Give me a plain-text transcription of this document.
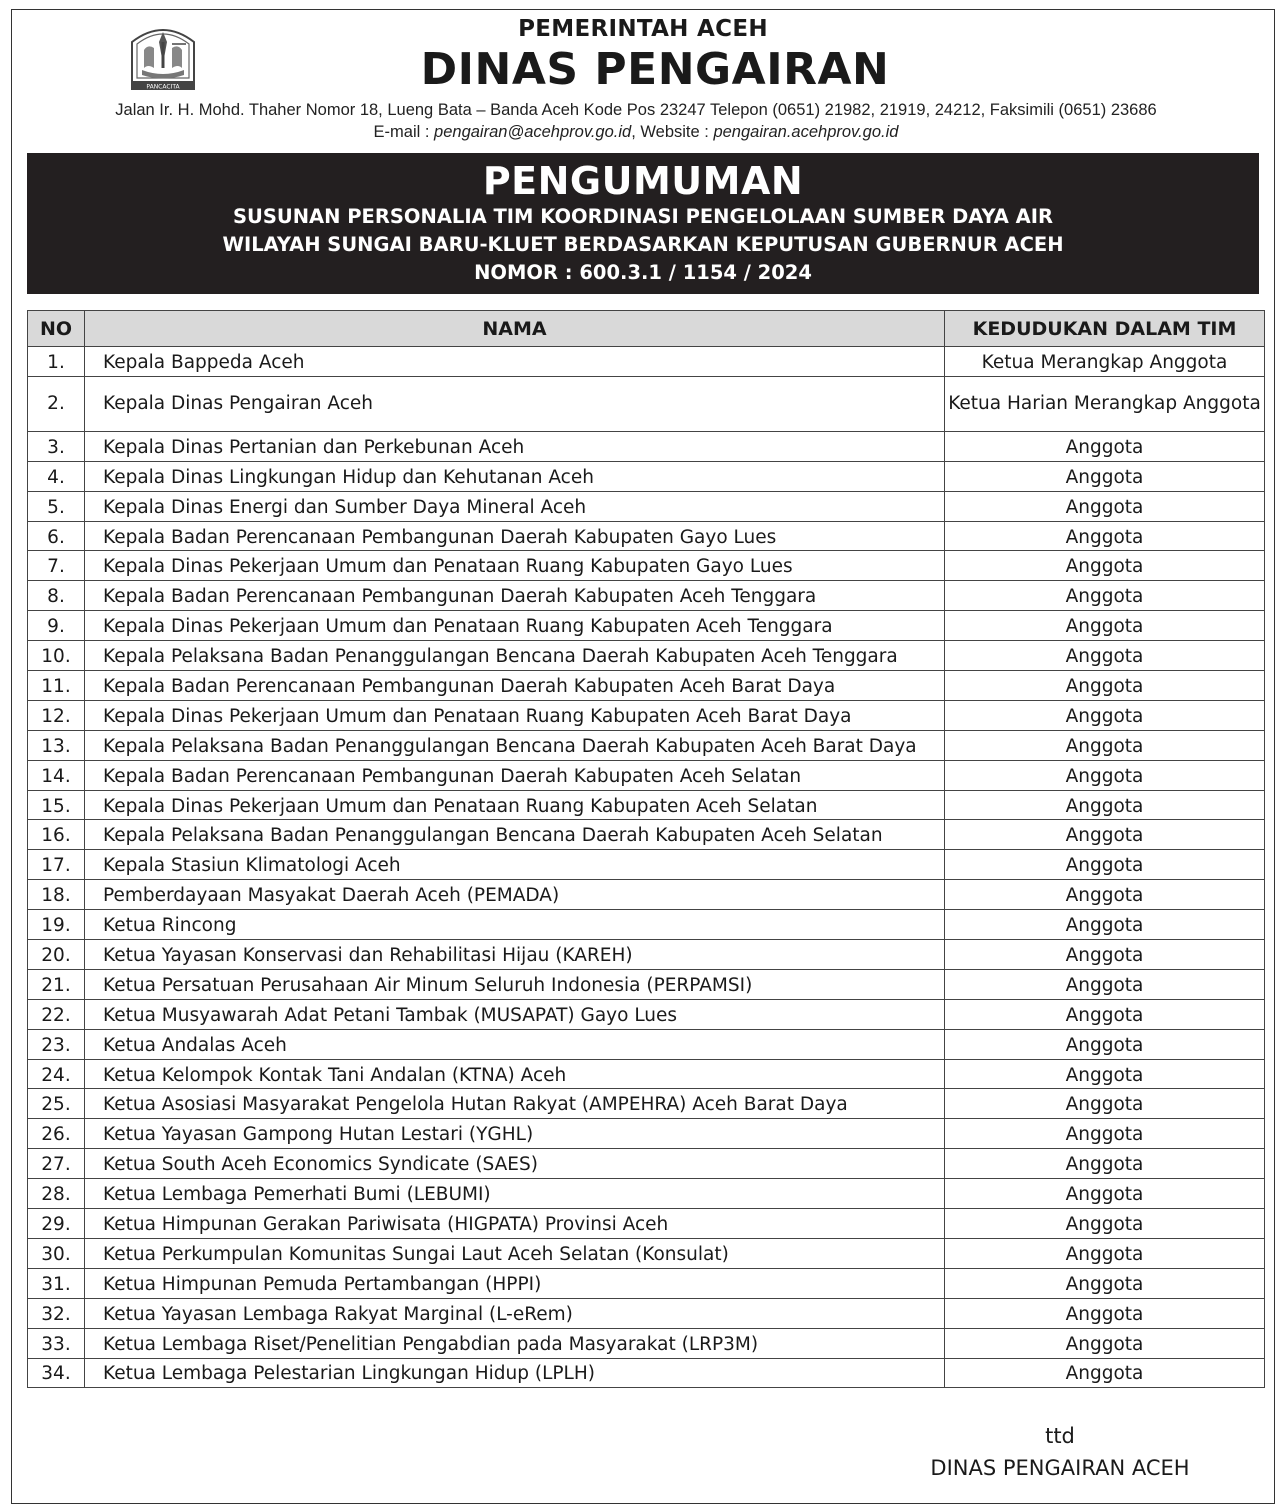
PANCACITA
PEMERINTAH ACEH
DINAS PENGAIRAN
Jalan Ir. H. Mohd. Thaher Nomor 18, Lueng Bata – Banda Aceh Kode Pos 23247 Telepon (0651) 21982, 21919, 24212, Faksimili (0651) 23686
E-mail : pengairan@acehprov.go.id, Website : pengairan.acehprov.go.id
PENGUMUMAN
SUSUNAN PERSONALIA TIM KOORDINASI PENGELOLAAN SUMBER DAYA AIR
WILAYAH SUNGAI BARU-KLUET BERDASARKAN KEPUTUSAN GUBERNUR ACEH
NOMOR : 600.3.1 / 1154 / 2024
NO	NAMA	KEDUDUKAN DALAM TIM
1.	Kepala Bappeda Aceh	Ketua Merangkap Anggota
2.	Kepala Dinas Pengairan Aceh	Ketua Harian Merangkap Anggota
3.	Kepala Dinas Pertanian dan Perkebunan Aceh	Anggota
4.	Kepala Dinas Lingkungan Hidup dan Kehutanan Aceh	Anggota
5.	Kepala Dinas Energi dan Sumber Daya Mineral Aceh	Anggota
6.	Kepala Badan Perencanaan Pembangunan Daerah Kabupaten Gayo Lues	Anggota
7.	Kepala Dinas Pekerjaan Umum dan Penataan Ruang Kabupaten Gayo Lues	Anggota
8.	Kepala Badan Perencanaan Pembangunan Daerah Kabupaten Aceh Tenggara	Anggota
9.	Kepala Dinas Pekerjaan Umum dan Penataan Ruang Kabupaten Aceh Tenggara	Anggota
10.	Kepala Pelaksana Badan Penanggulangan Bencana Daerah Kabupaten Aceh Tenggara	Anggota
11.	Kepala Badan Perencanaan Pembangunan Daerah Kabupaten Aceh Barat Daya	Anggota
12.	Kepala Dinas Pekerjaan Umum dan Penataan Ruang Kabupaten Aceh Barat Daya	Anggota
13.	Kepala Pelaksana Badan Penanggulangan Bencana Daerah Kabupaten Aceh Barat Daya	Anggota
14.	Kepala Badan Perencanaan Pembangunan Daerah Kabupaten Aceh Selatan	Anggota
15.	Kepala Dinas Pekerjaan Umum dan Penataan Ruang Kabupaten Aceh Selatan	Anggota
16.	Kepala Pelaksana Badan Penanggulangan Bencana Daerah Kabupaten Aceh Selatan	Anggota
17.	Kepala Stasiun Klimatologi Aceh	Anggota
18.	Pemberdayaan Masyakat Daerah Aceh (PEMADA)	Anggota
19.	Ketua Rincong	Anggota
20.	Ketua Yayasan Konservasi dan Rehabilitasi Hijau (KAREH)	Anggota
21.	Ketua Persatuan Perusahaan Air Minum Seluruh Indonesia (PERPAMSI)	Anggota
22.	Ketua Musyawarah Adat Petani Tambak (MUSAPAT) Gayo Lues	Anggota
23.	Ketua Andalas Aceh	Anggota
24.	Ketua Kelompok Kontak Tani Andalan (KTNA) Aceh	Anggota
25.	Ketua Asosiasi Masyarakat Pengelola Hutan Rakyat (AMPEHRA) Aceh Barat Daya	Anggota
26.	Ketua Yayasan Gampong Hutan Lestari (YGHL)	Anggota
27.	Ketua South Aceh Economics Syndicate (SAES)	Anggota
28.	Ketua Lembaga Pemerhati Bumi (LEBUMI)	Anggota
29.	Ketua Himpunan Gerakan Pariwisata (HIGPATA) Provinsi Aceh	Anggota
30.	Ketua Perkumpulan Komunitas Sungai Laut Aceh Selatan (Konsulat)	Anggota
31.	Ketua Himpunan Pemuda Pertambangan (HPPI)	Anggota
32.	Ketua Yayasan Lembaga Rakyat Marginal (L-eRem)	Anggota
33.	Ketua Lembaga Riset/Penelitian Pengabdian pada Masyarakat (LRP3M)	Anggota
34.	Ketua Lembaga Pelestarian Lingkungan Hidup (LPLH)	Anggota
ttd
DINAS PENGAIRAN ACEH
